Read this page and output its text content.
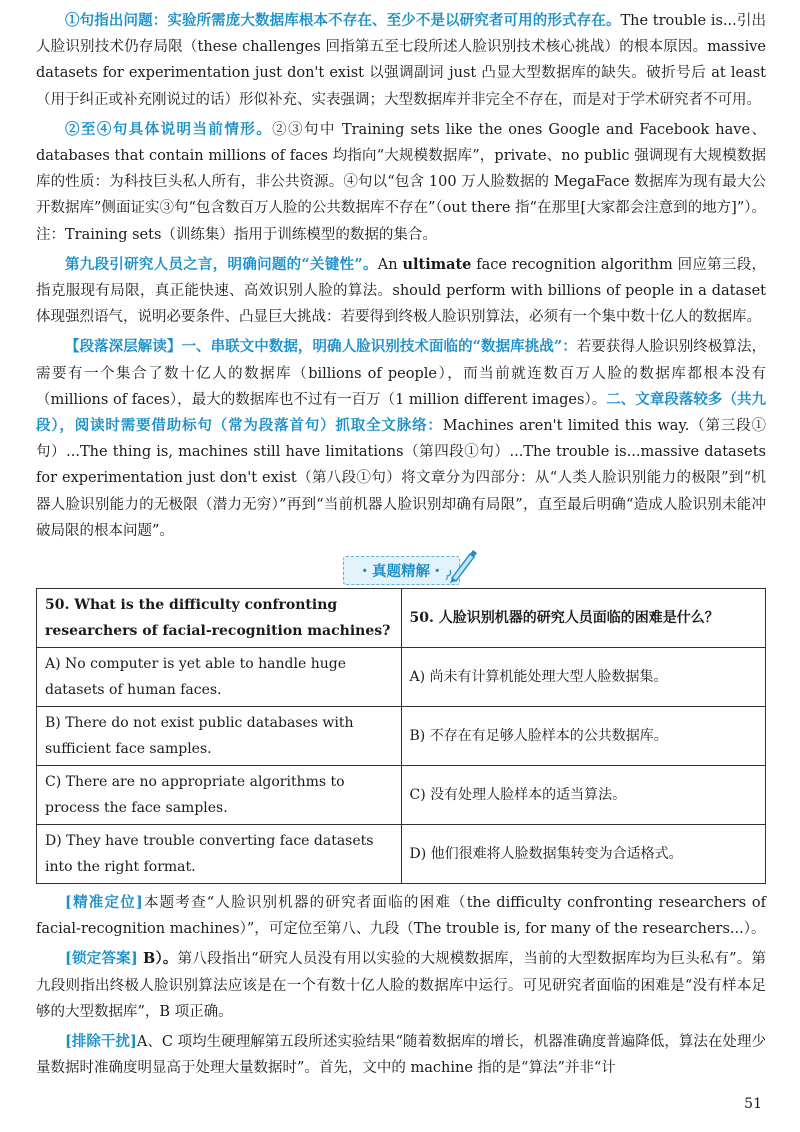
①句指出问题：实验所需庞大数据库根本不存在、至少不是以研究者可用的形式存在。The trouble is...引出人脸识别技术仍存局限（these challenges 回指第五至七段所述人脸识别技术核心挑战）的根本原因。massive datasets for experimentation just don't exist 以强调副词 just 凸显大型数据库的缺失。破折号后 at least（用于纠正或补充刚说过的话）形似补充、实表强调；大型数据库并非完全不存在，而是对于学术研究者不可用。

②至④句具体说明当前情形。②③句中 Training sets like the ones Google and Facebook have、databases that contain millions of faces 均指向“大规模数据库”，private、no public 强调现有大规模数据库的性质：为科技巨头私人所有，非公共资源。④句以“包含 100 万人脸数据的 MegaFace 数据库为现有最大公开数据库”侧面证实③句“包含数百万人脸的公共数据库不存在”（out there 指“在那里[大家都会注意到的地方]”）。注：Training sets（训练集）指用于训练模型的数据的集合。

第九段引研究人员之言，明确问题的“关键性”。An ultimate face recognition algorithm 回应第三段，指克服现有局限，真正能快速、高效识别人脸的算法。should perform with billions of people in a dataset 体现强烈语气，说明必要条件、凸显巨大挑战：若要得到终极人脸识别算法，必须有一个集中数十亿人的数据库。

【段落深层解读】一、串联文中数据，明确人脸识别技术面临的“数据库挑战”：若要获得人脸识别终极算法，需要有一个集合了数十亿人的数据库（billions of people），而当前就连数百万人脸的数据库都根本没有（millions of faces），最大的数据库也不过有一百万（1 million different images）。二、文章段落较多（共九段），阅读时需要借助标句（常为段落首句）抓取全文脉络：Machines aren't limited this way.（第三段①句）...The thing is, machines still have limitations（第四段①句）...The trouble is...massive datasets for experimentation just don't exist（第八段①句）将文章分为四部分：从“人类人脸识别能力的极限”到“机器人脸识别能力的无极限（潜力无穷）”再到“当前机器人脸识别却确有局限”，直至最后明确“造成人脸识别未能冲破局限的根本问题”。

・真题精解・
50. What is the difficulty confronting researchers of facial-recognition machines?	50. 人脸识别机器的研究人员面临的困难是什么？
A) No computer is yet able to handle huge datasets of human faces.	A) 尚未有计算机能处理大型人脸数据集。
B) There do not exist public databases with sufficient face samples.	B) 不存在有足够人脸样本的公共数据库。
C) There are no appropriate algorithms to process the face samples.	C) 没有处理人脸样本的适当算法。
D) They have trouble converting face datasets into the right format.	D) 他们很难将人脸数据集转变为合适格式。

[精准定位]本题考查“人脸识别机器的研究者面临的困难（the difficulty confronting researchers of facial-recognition machines）”，可定位至第八、九段（The trouble is, for many of the researchers...）。

[锁定答案] B）。第八段指出“研究人员没有用以实验的大规模数据库，当前的大型数据库均为巨头私有”。第九段则指出终极人脸识别算法应该是在一个有数十亿人脸的数据库中运行。可见研究者面临的困难是“没有样本足够的大型数据库”，B 项正确。

[排除干扰]A、C 项均生硬理解第五段所述实验结果“随着数据库的增长，机器准确度普遍降低，算法在处理少量数据时准确度明显高于处理大量数据时”。首先，文中的 machine 指的是“算法”并非“计

51
